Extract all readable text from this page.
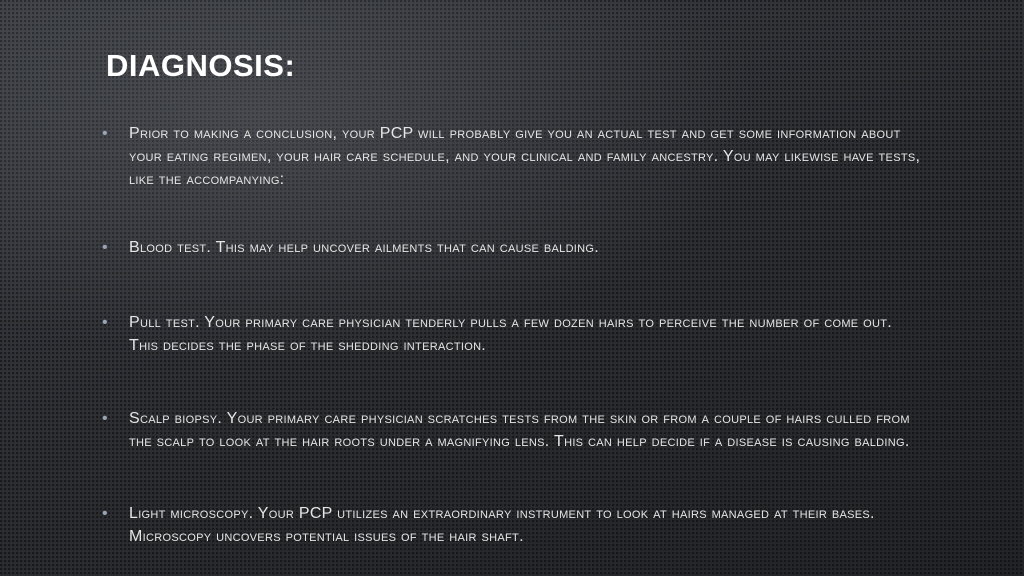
DIAGNOSIS:
• Prior to making a conclusion, your PCP will probably give you an actual test and get some information about your eating regimen, your hair care schedule, and your clinical and family ancestry. You may likewise have tests, like the accompanying:
• Blood test. This may help uncover ailments that can cause balding.
• Pull test. Your primary care physician tenderly pulls a few dozen hairs to perceive the number of come out. This decides the phase of the shedding interaction.
• Scalp biopsy. Your primary care physician scratches tests from the skin or from a couple of hairs culled from the scalp to look at the hair roots under a magnifying lens. This can help decide if a disease is causing balding.
• Light microscopy. Your PCP utilizes an extraordinary instrument to look at hairs managed at their bases. Microscopy uncovers potential issues of the hair shaft.
